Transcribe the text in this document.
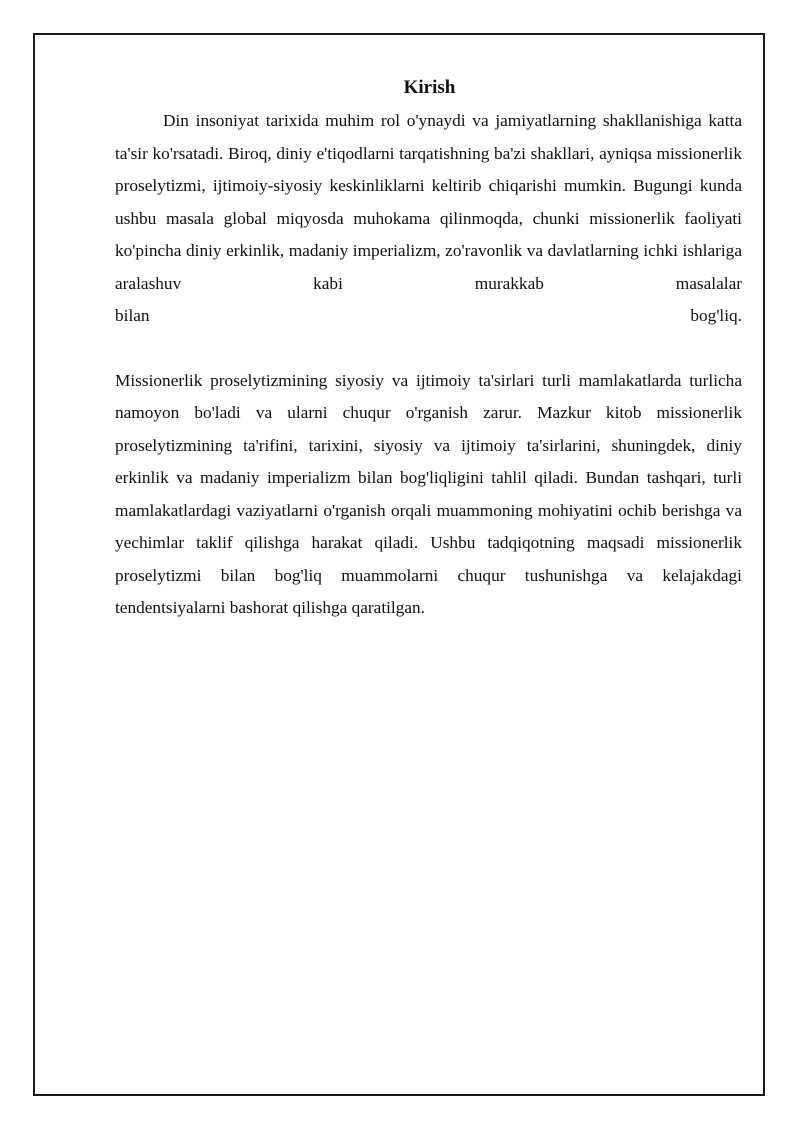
Kirish

Din insoniyat tarixida muhim rol o'ynaydi va jamiyatlarning shakllanishiga katta ta'sir ko'rsatadi. Biroq, diniy e'tiqodlarni tarqatishning ba'zi shakllari, ayniqsa missionerlik proselytizmi, ijtimoiy-siyosiy keskinliklarni keltirib chiqarishi mumkin. Bugungi kunda ushbu masala global miqyosda muhokama qilinmoqda, chunki missionerlik faoliyati ko'pincha diniy erkinlik, madaniy imperializm, zo'ravonlik va davlatlarning ichki ishlariga aralashuv kabi murakkab masalalar

bilan	bog'liq.

Missionerlik proselytizmining siyosiy va ijtimoiy ta'sirlari turli mamlakatlarda turlicha namoyon bo'ladi va ularni chuqur o'rganish zarur. Mazkur kitob missionerlik proselytizmining ta'rifini, tarixini, siyosiy va ijtimoiy ta'sirlarini, shuningdek, diniy erkinlik va madaniy imperializm bilan bog'liqligini tahlil qiladi. Bundan tashqari, turli mamlakatlardagi vaziyatlarni o'rganish orqali muammoning mohiyatini ochib berishga va yechimlar taklif qilishga harakat qiladi. Ushbu tadqiqotning maqsadi missionerlik proselytizmi bilan bog'liq muammolarni chuqur tushunishga va kelajakdagi tendentsiyalarni bashorat qilishga qaratilgan.
